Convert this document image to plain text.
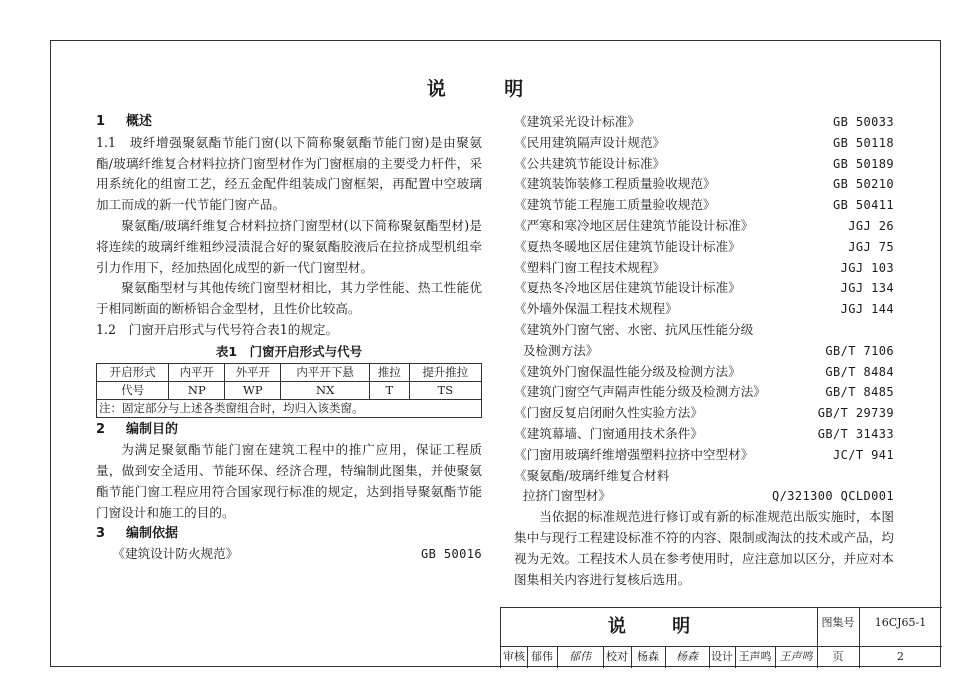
说 明

1 概述

1.1　玻纤增强聚氨酯节能门窗(以下简称聚氨酯节能门窗)是由聚氨酯/玻璃纤维复合材料拉挤门窗型材作为门窗框扇的主要受力杆件，采用系统化的组窗工艺，经五金配件组装成门窗框架，再配置中空玻璃加工而成的新一代节能门窗产品。

聚氨酯/玻璃纤维复合材料拉挤门窗型材(以下简称聚氨酯型材)是将连续的玻璃纤维粗纱浸渍混合好的聚氨酯胶液后在拉挤成型机组牵引力作用下，经加热固化成型的新一代门窗型材。

聚氨酯型材与其他传统门窗型材相比，其力学性能、热工性能优于相同断面的断桥铝合金型材，且性价比较高。

1.2　门窗开启形式与代号符合表1的规定。

表1　门窗开启形式与代号

开启形式	内平开	外平开	内平开下悬	推拉	提升推拉
代号	NP	WP	NX	T	TS
注：固定部分与上述各类窗组合时，均归入该类窗。					

2 编制目的

为满足聚氨酯节能门窗在建筑工程中的推广应用，保证工程质量，做到安全适用、节能环保、经济合理，特编制此图集，并使聚氨酯节能门窗工程应用符合国家现行标准的规定，达到指导聚氨酯节能门窗设计和施工的目的。

3 编制依据

《建筑设计防火规范》	GB 50016
《建筑采光设计标准》	GB 50033
《民用建筑隔声设计规范》	GB 50118
《公共建筑节能设计标准》	GB 50189
《建筑装饰装修工程质量验收规范》	GB 50210
《建筑节能工程施工质量验收规范》	GB 50411
《严寒和寒冷地区居住建筑节能设计标准》	JGJ 26
《夏热冬暖地区居住建筑节能设计标准》	JGJ 75
《塑料门窗工程技术规程》	JGJ 103
《夏热冬冷地区居住建筑节能设计标准》	JGJ 134
《外墙外保温工程技术规程》	JGJ 144
《建筑外门窗气密、水密、抗风压性能分级
及检测方法》	GB/T 7106
《建筑外门窗保温性能分级及检测方法》	GB/T 8484
《建筑门窗空气声隔声性能分级及检测方法》	GB/T 8485
《门窗反复启闭耐久性实验方法》	GB/T 29739
《建筑幕墙、门窗通用技术条件》	GB/T 31433
《门窗用玻璃纤维增强塑料拉挤中空型材》	JC/T 941
《聚氨酯/玻璃纤维复合材料
拉挤门窗型材》	Q/321300 QCLD001

当依据的标准规范进行修订或有新的标准规范出版实施时，本图集中与现行工程建设标准不符的内容、限制或淘汰的技术或产品，均视为无效。工程技术人员在参考使用时，应注意加以区分，并应对本图集相关内容进行复核后选用。

说 明	图集号	16CJ65-1
审核 郁伟	郁伟	校对 杨森	杨森	设计 王声鸣 王声鸣	页	2
